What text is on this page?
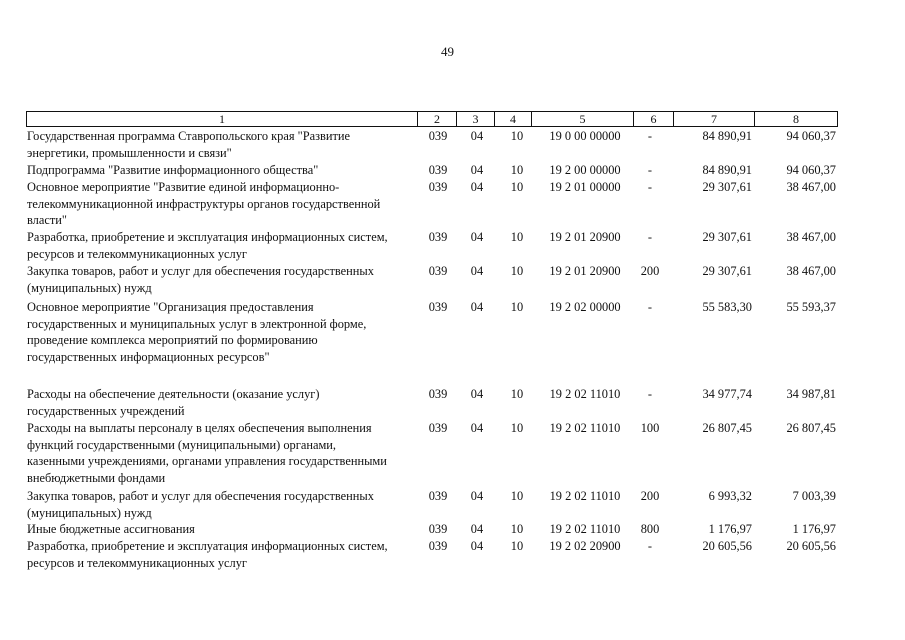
49
1	2	3	4	5	6	7	8
Государственная программа Ставропольского края "Развитие
энергетики, промышленности и связи"
039	04	10	19 0 00 00000	-	84 890,91	94 060,37
Подпрограмма "Развитие информационного общества"	039	04	10	19 2 00 00000	-	84 890,91	94 060,37
Основное мероприятие "Развитие единой информационно-
телекоммуникационной инфраструктуры органов государственной
власти"
039	04	10	19 2 01 00000	-	29 307,61	38 467,00
Разработка, приобретение и эксплуатация информационных систем,
ресурсов и телекоммуникационных услуг
039	04	10	19 2 01 20900	-	29 307,61	38 467,00
Закупка товаров, работ и услуг для обеспечения государственных
(муниципальных) нужд
039	04	10	19 2 01 20900	200	29 307,61	38 467,00
Основное мероприятие "Организация предоставления
государственных и муниципальных услуг в электронной форме,
проведение комплекса мероприятий по формированию
государственных информационных ресурсов"
039	04	10	19 2 02 00000	-	55 583,30	55 593,37
Расходы на обеспечение деятельности (оказание услуг)
государственных учреждений
039	04	10	19 2 02 11010	-	34 977,74	34 987,81
Расходы на выплаты персоналу в целях обеспечения выполнения
функций государственными (муниципальными) органами,
казенными учреждениями, органами управления государственными
внебюджетными фондами
039	04	10	19 2 02 11010	100	26 807,45	26 807,45
Закупка товаров, работ и услуг для обеспечения государственных
(муниципальных) нужд
039	04	10	19 2 02 11010	200	6 993,32	7 003,39
Иные бюджетные ассигнования	039	04	10	19 2 02 11010	800	1 176,97	1 176,97
Разработка, приобретение и эксплуатация информационных систем,
ресурсов и телекоммуникационных услуг
039	04	10	19 2 02 20900	-	20 605,56	20 605,56
